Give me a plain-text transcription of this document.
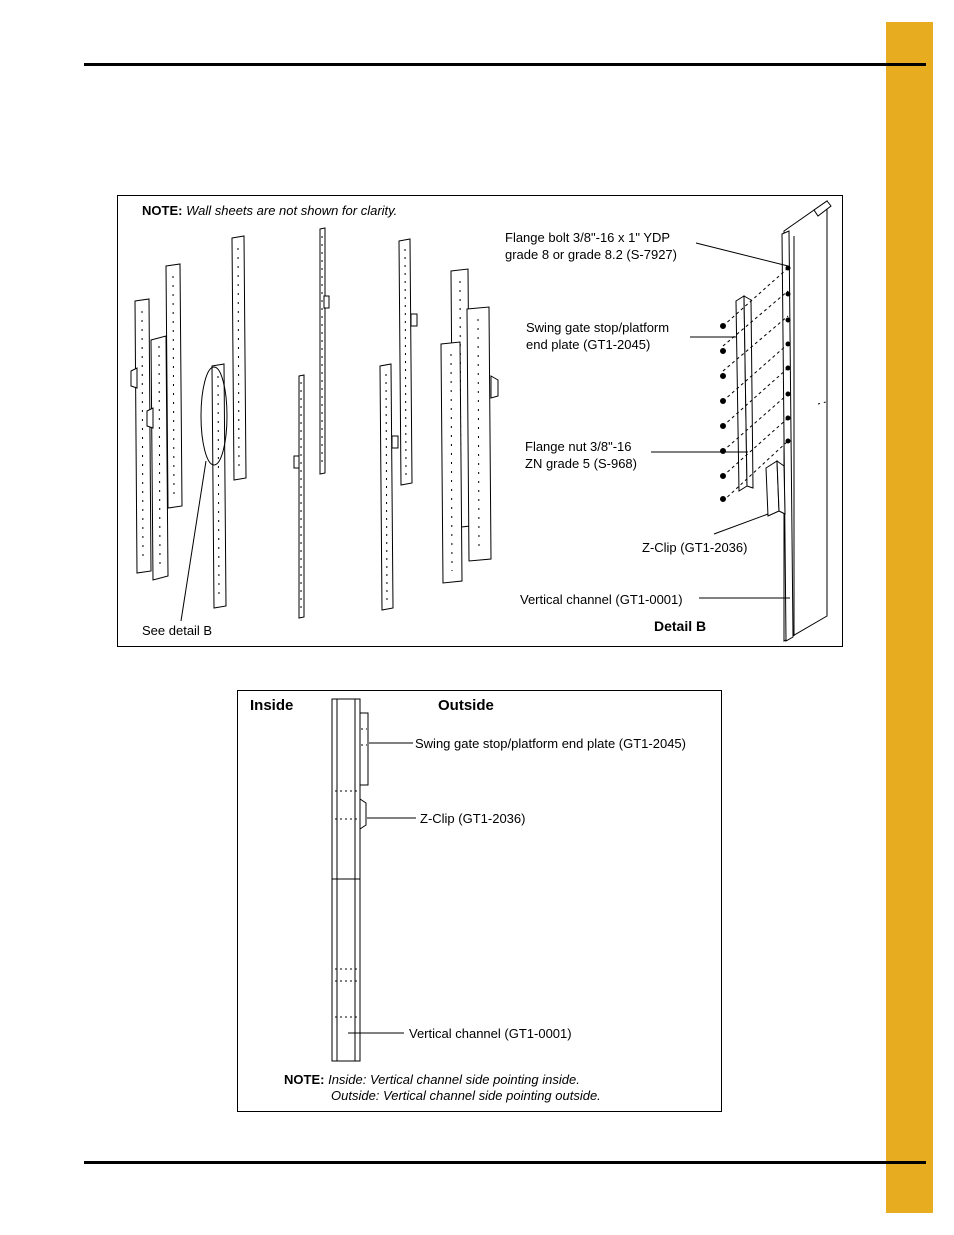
NOTE: Wall sheets are not shown for clarity.
Flange bolt 3/8"-16 x 1" YDP
grade 8 or grade 8.2 (S-7927)
Swing gate stop/platform
end plate (GT1-2045)
Flange nut 3/8"-16
ZN grade 5 (S-968)
Z-Clip (GT1-2036)
Vertical channel (GT1-0001)
See detail B	Detail B
Inside	Outside
Swing gate stop/platform end plate (GT1-2045)
Z-Clip (GT1-2036)
Vertical channel (GT1-0001)
NOTE: Inside: Vertical channel side pointing inside.
Outside: Vertical channel side pointing outside.
